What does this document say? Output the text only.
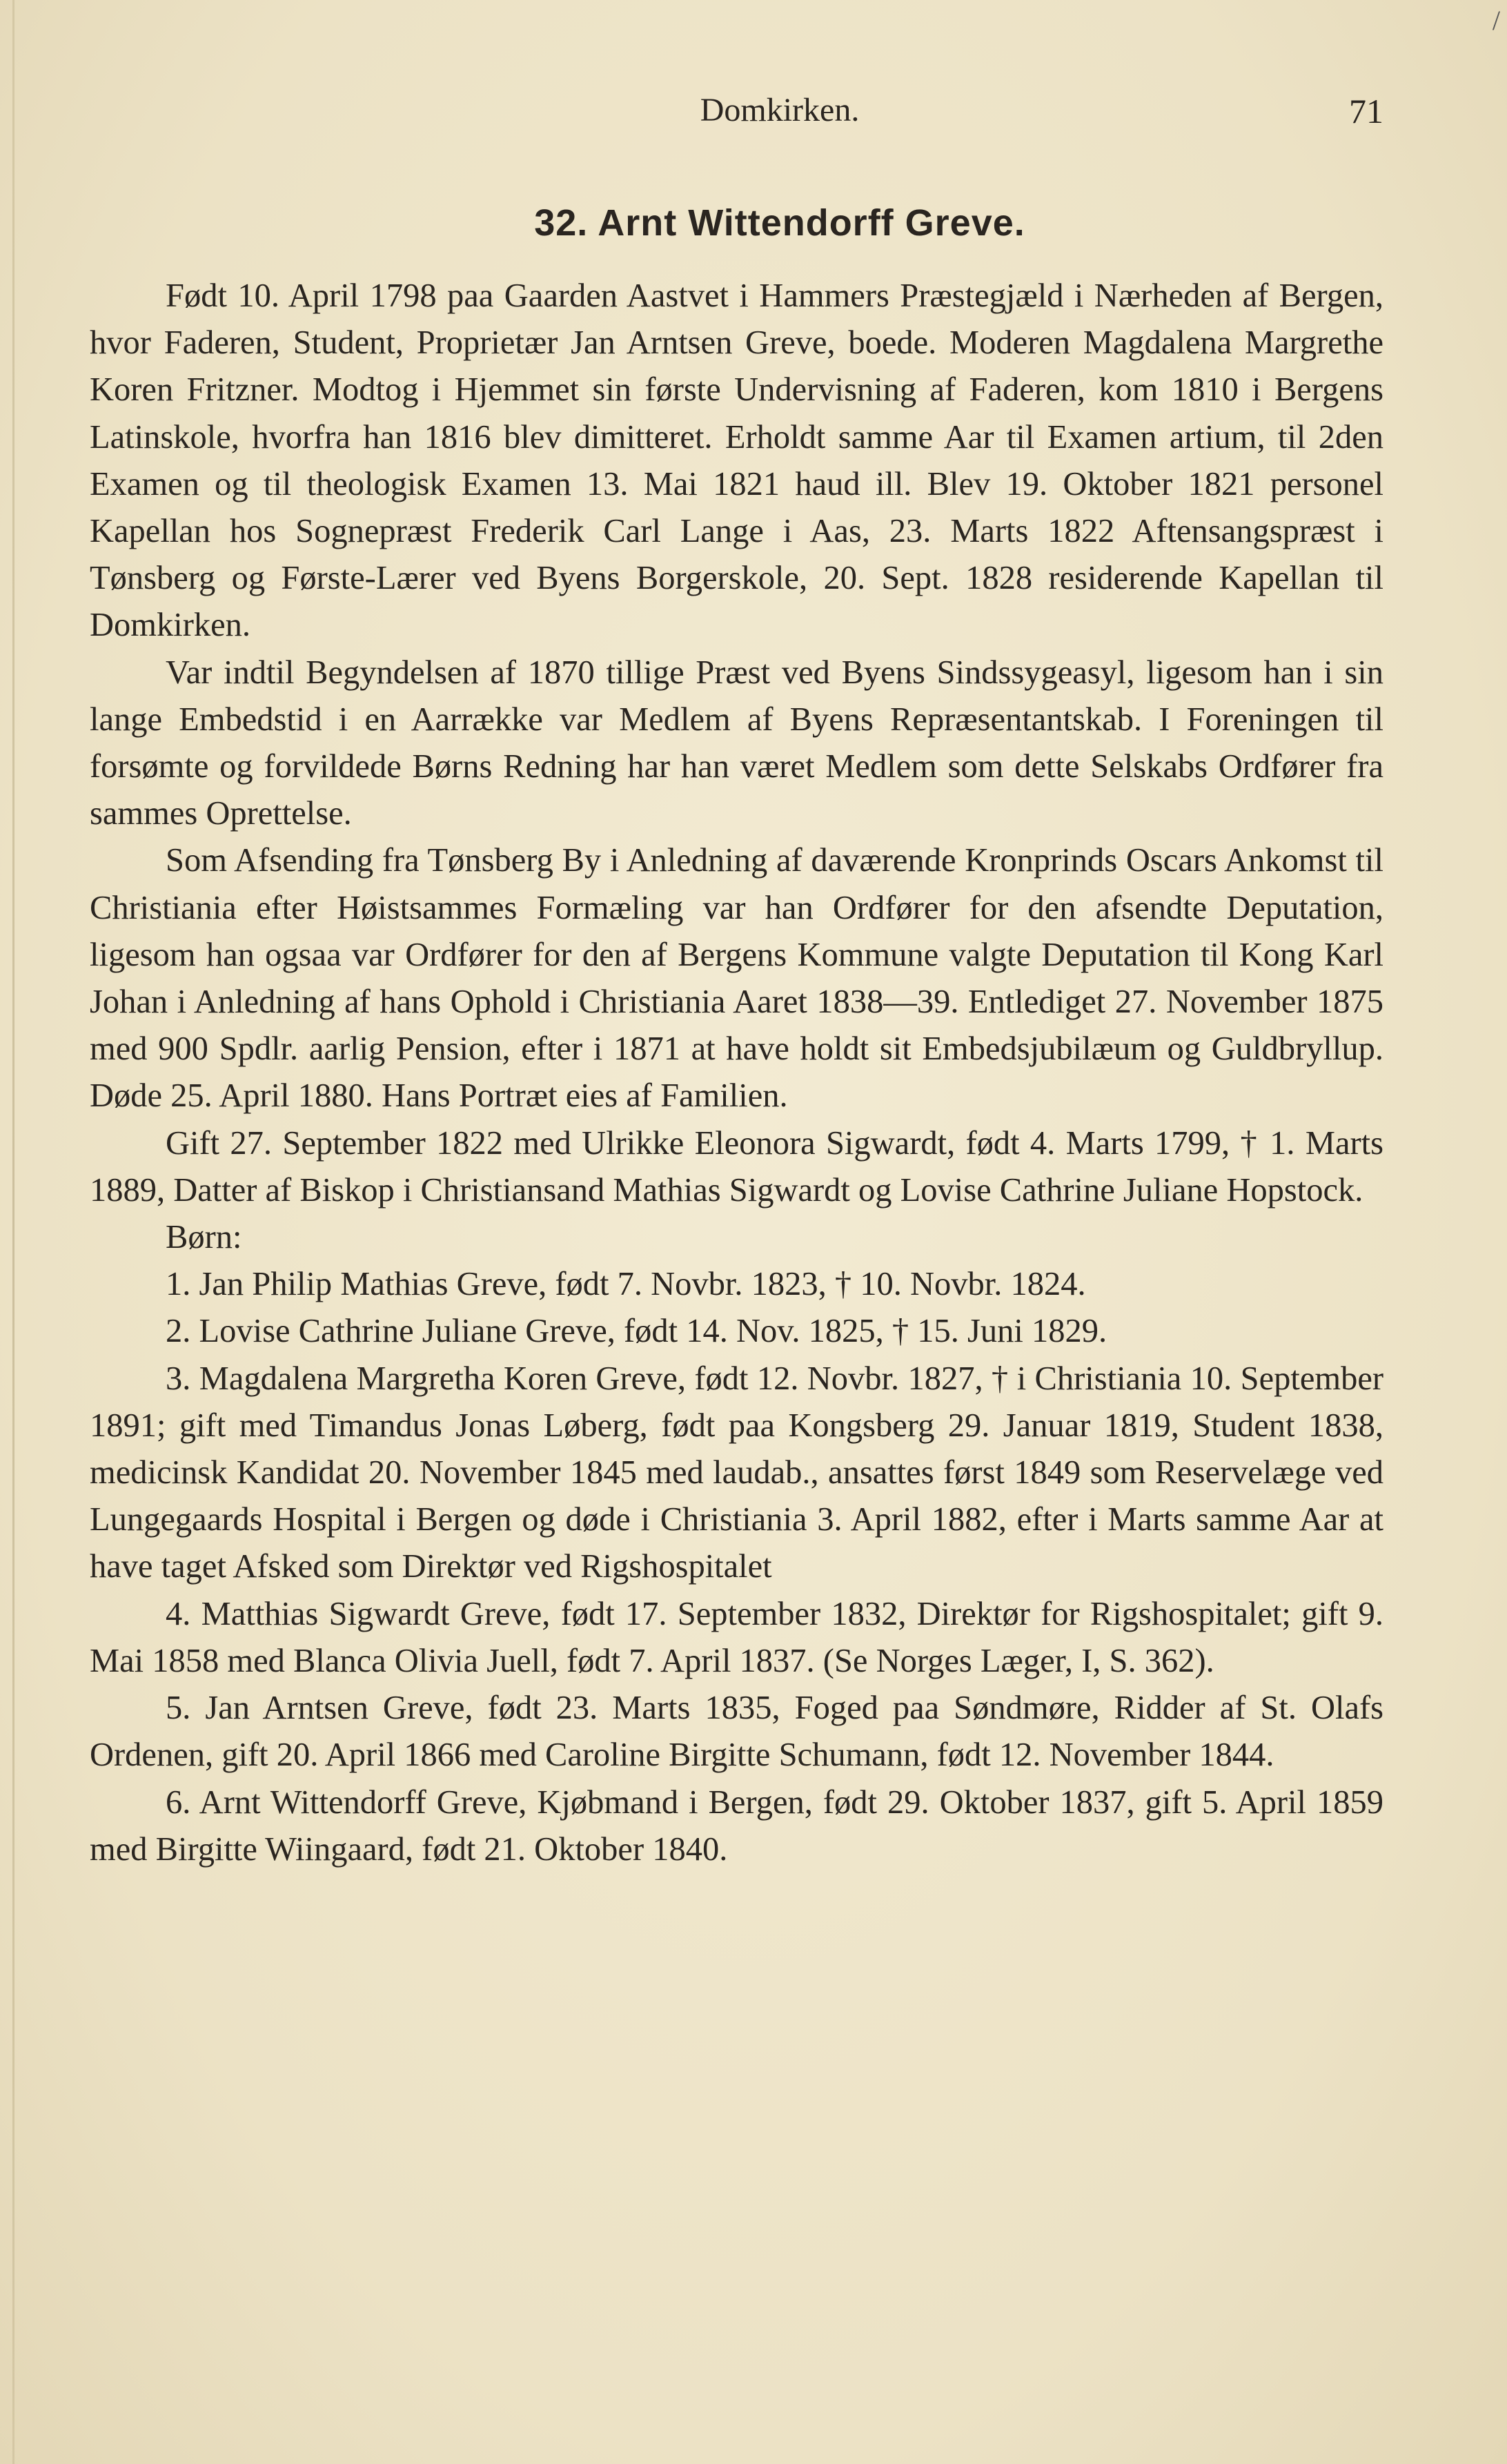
Domkirken.	71
/
32. Arnt Wittendorff Greve.

Født 10. April 1798 paa Gaarden Aastvet i Hammers Præstegjæld i Nærheden af Bergen, hvor Faderen, Student, Proprietær Jan Arntsen Greve, boede. Moderen Magdalena Margrethe Koren Fritzner. Modtog i Hjemmet sin første Undervisning af Faderen, kom 1810 i Bergens Latinskole, hvorfra han 1816 blev dimitteret. Erholdt samme Aar til Examen artium, til 2den Examen og til theologisk Examen 13. Mai 1821 haud ill. Blev 19. Oktober 1821 personel Kapellan hos Sognepræst Frederik Carl Lange i Aas, 23. Marts 1822 Aftensangspræst i Tønsberg og Første-Lærer ved Byens Borgerskole, 20. Sept. 1828 residerende Kapellan til Domkirken.

Var indtil Begyndelsen af 1870 tillige Præst ved Byens Sindssygeasyl, ligesom han i sin lange Embedstid i en Aarrække var Medlem af Byens Repræsentantskab. I Foreningen til forsømte og forvildede Børns Redning har han været Medlem som dette Selskabs Ordfører fra sammes Oprettelse.

Som Afsending fra Tønsberg By i Anledning af daværende Kronprinds Oscars Ankomst til Christiania efter Høistsammes Formæling var han Ordfører for den afsendte Deputation, ligesom han ogsaa var Ordfører for den af Bergens Kommune valgte Deputation til Kong Karl Johan i Anledning af hans Ophold i Christiania Aaret 1838—39. Entlediget 27. November 1875 med 900 Spdlr. aarlig Pension, efter i 1871 at have holdt sit Embedsjubilæum og Guldbryllup. Døde 25. April 1880. Hans Portræt eies af Familien.

Gift 27. September 1822 med Ulrikke Eleonora Sigwardt, født 4. Marts 1799, † 1. Marts 1889, Datter af Biskop i Christiansand Mathias Sigwardt og Lovise Cathrine Juliane Hopstock.

Børn:

1. Jan Philip Mathias Greve, født 7. Novbr. 1823, † 10. Novbr. 1824.

2. Lovise Cathrine Juliane Greve, født 14. Nov. 1825, † 15. Juni 1829.

3. Magdalena Margretha Koren Greve, født 12. Novbr. 1827, † i Christiania 10. September 1891; gift med Timandus Jonas Løberg, født paa Kongsberg 29. Januar 1819, Student 1838, medicinsk Kandidat 20. November 1845 med laudab., ansattes først 1849 som Reservelæge ved Lungegaards Hospital i Bergen og døde i Christiania 3. April 1882, efter i Marts samme Aar at have taget Afsked som Direktør ved Rigshospitalet

4. Matthias Sigwardt Greve, født 17. September 1832, Direktør for Rigshospitalet; gift 9. Mai 1858 med Blanca Olivia Juell, født 7. April 1837. (Se Norges Læger, I, S. 362).

5. Jan Arntsen Greve, født 23. Marts 1835, Foged paa Søndmøre, Ridder af St. Olafs Ordenen, gift 20. April 1866 med Caroline Birgitte Schumann, født 12. November 1844.

6. Arnt Wittendorff Greve, Kjøbmand i Bergen, født 29. Oktober 1837, gift 5. April 1859 med Birgitte Wiingaard, født 21. Oktober 1840.
